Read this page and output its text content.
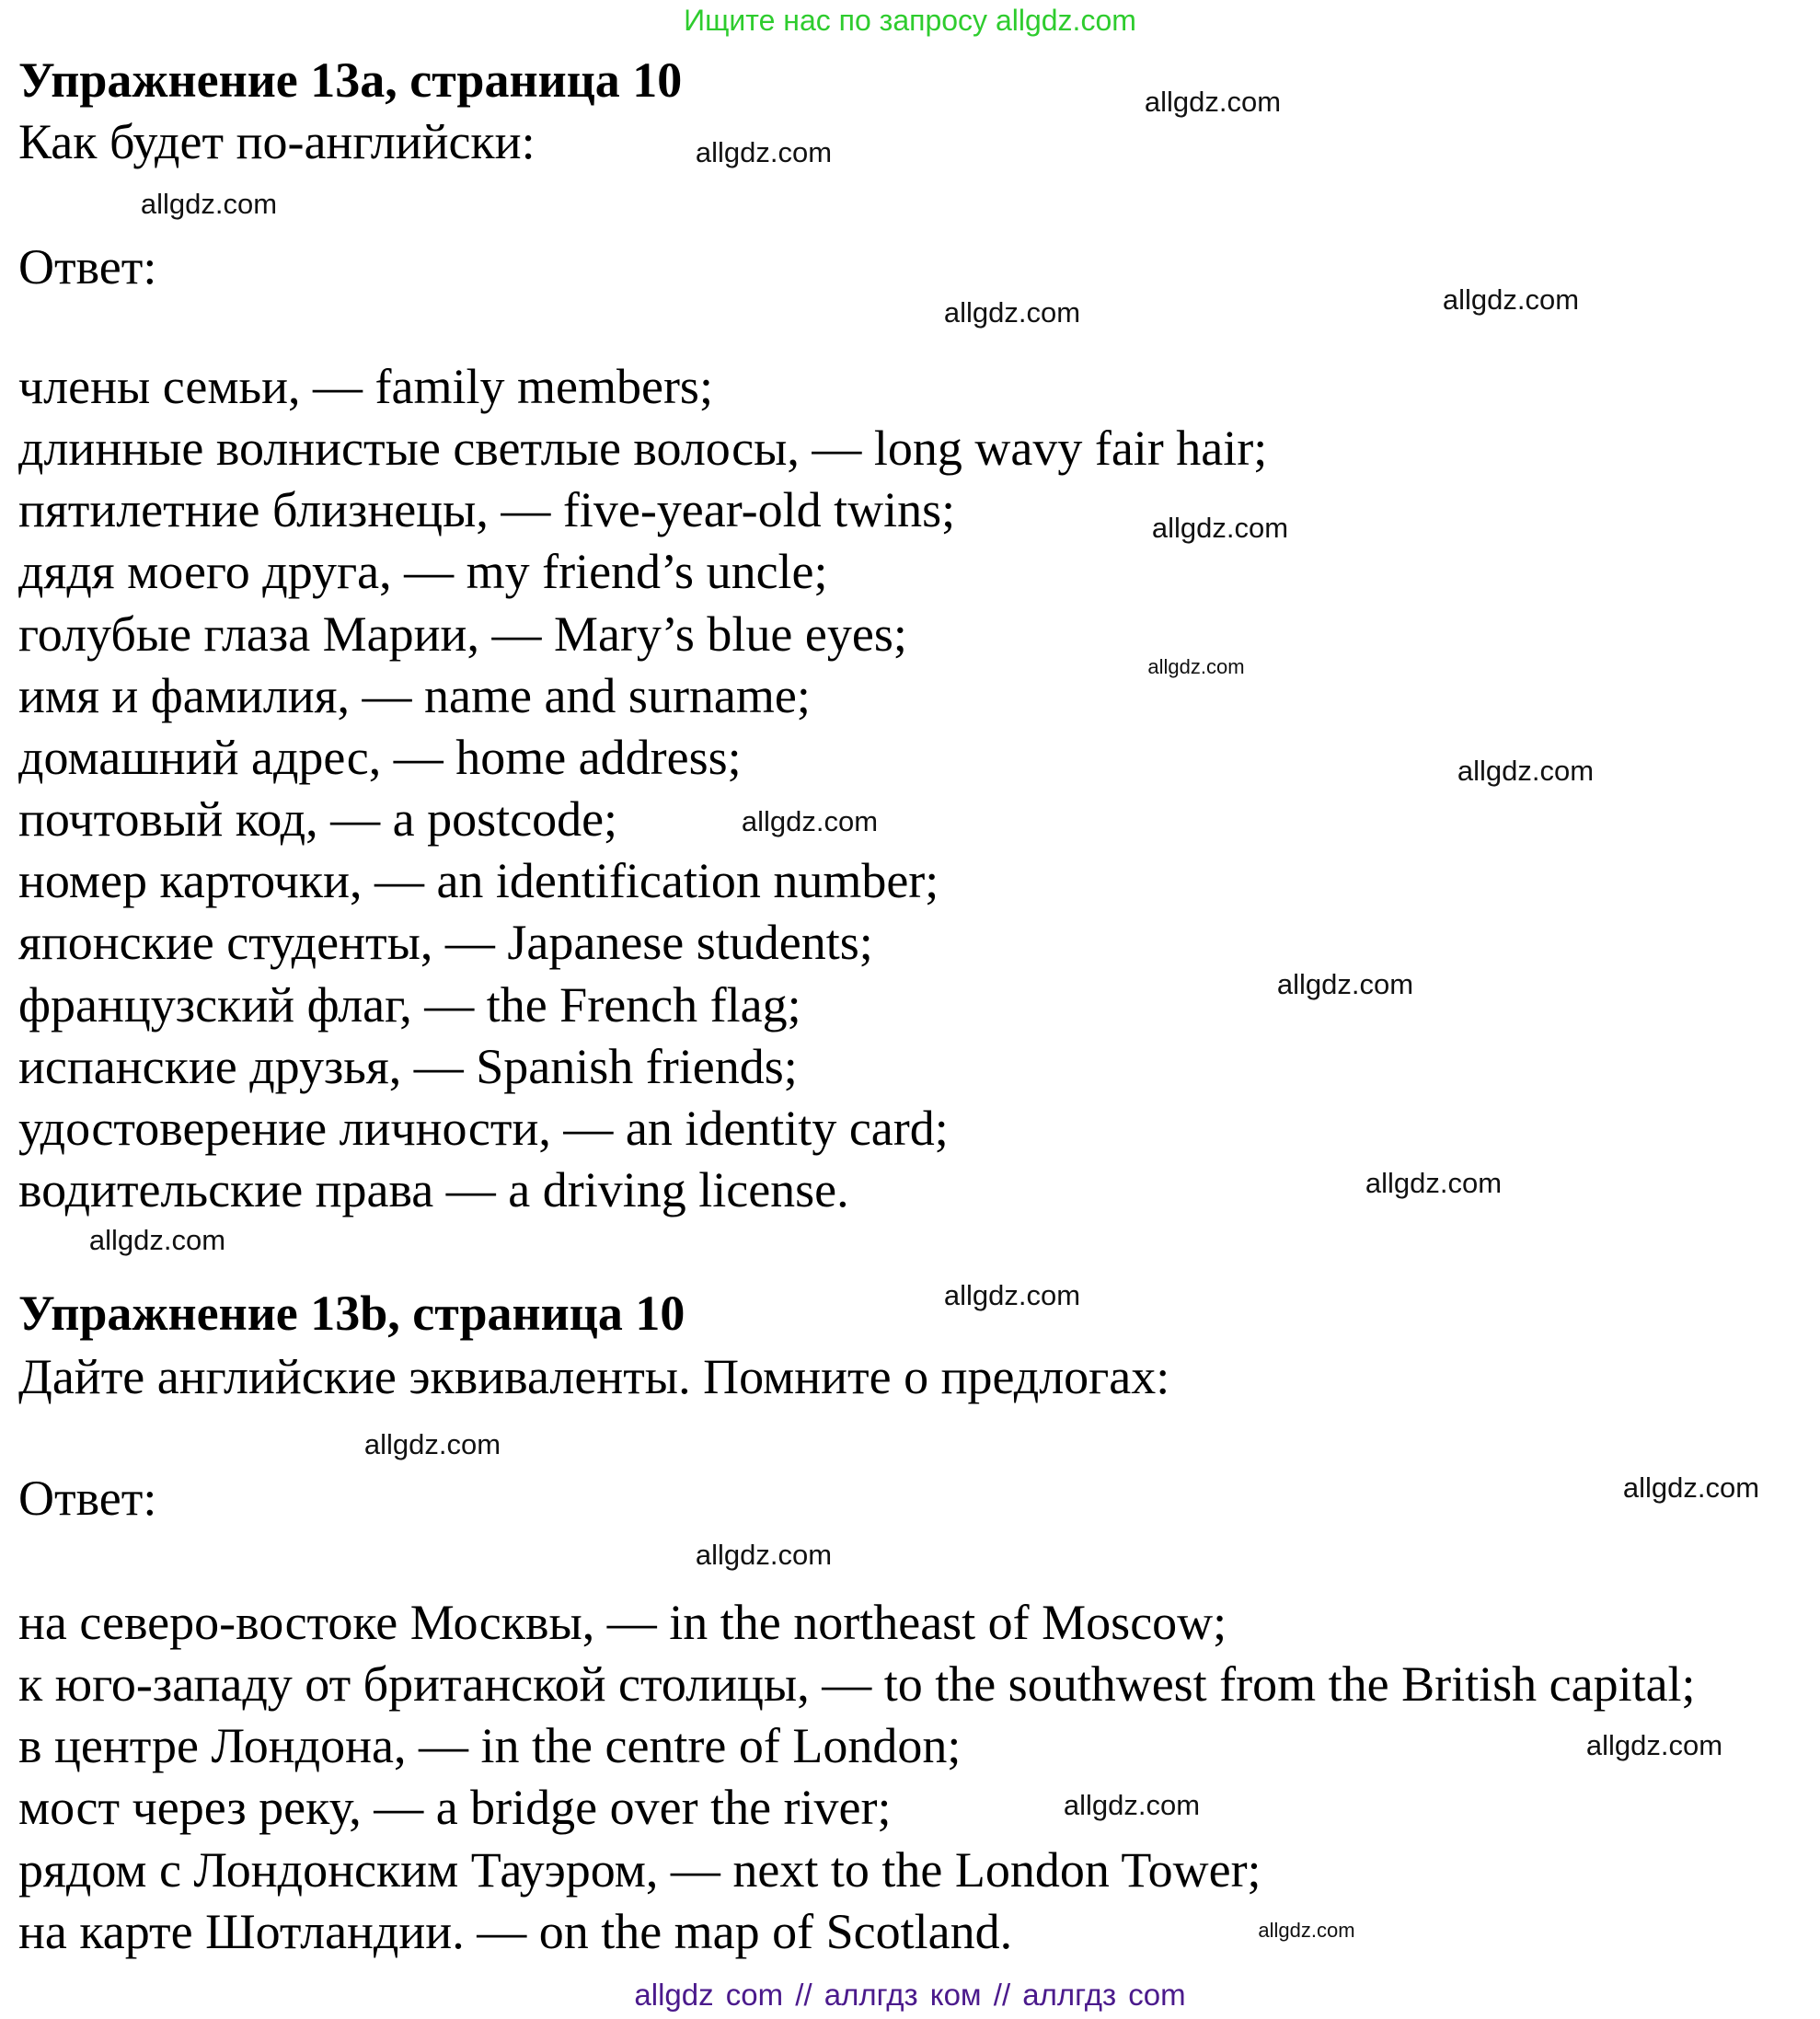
Ищите нас по запросу allgdz.com
Упражнение 13a, страница 10
Как будет по-английски:
Ответ:
члены семьи, — family members;
длинные волнистые светлые волосы, — long wavy fair hair;
пятилетние близнецы, — five-year-old twins;
дядя моего друга, — my friend’s uncle;
голубые глаза Марии, — Mary’s blue eyes;
имя и фамилия, — name and surname;
домашний адрес, — home address;
почтовый код, — a postcode;
номер карточки, — an identification number;
японские студенты, — Japanese students;
французский флаг, — the French flag;
испанские друзья, — Spanish friends;
удостоверение личности, — an identity card;
водительские права — a driving license.
Упражнение 13b, страница 10
Дайте английские эквиваленты. Помните о предлогах:
Ответ:
на северо-востоке Москвы, — in the northeast of Moscow;
к юго-западу от британской столицы, — to the southwest from the British capital;
в центре Лондона, — in the centre of London;
мост через реку, — a bridge over the river;
рядом с Лондонским Тауэром, — next to the London Tower;
на карте Шотландии. — on the map of Scotland.
allgdz.com
allgdz.com
allgdz.com
allgdz.com
allgdz.com
allgdz.com
allgdz.com
allgdz.com
allgdz.com
allgdz.com
allgdz.com
allgdz.com
allgdz.com
allgdz.com
allgdz.com
allgdz.com
allgdz.com
allgdz.com
allgdz.com
allgdz com // аллгдз ком // аллгдз com
